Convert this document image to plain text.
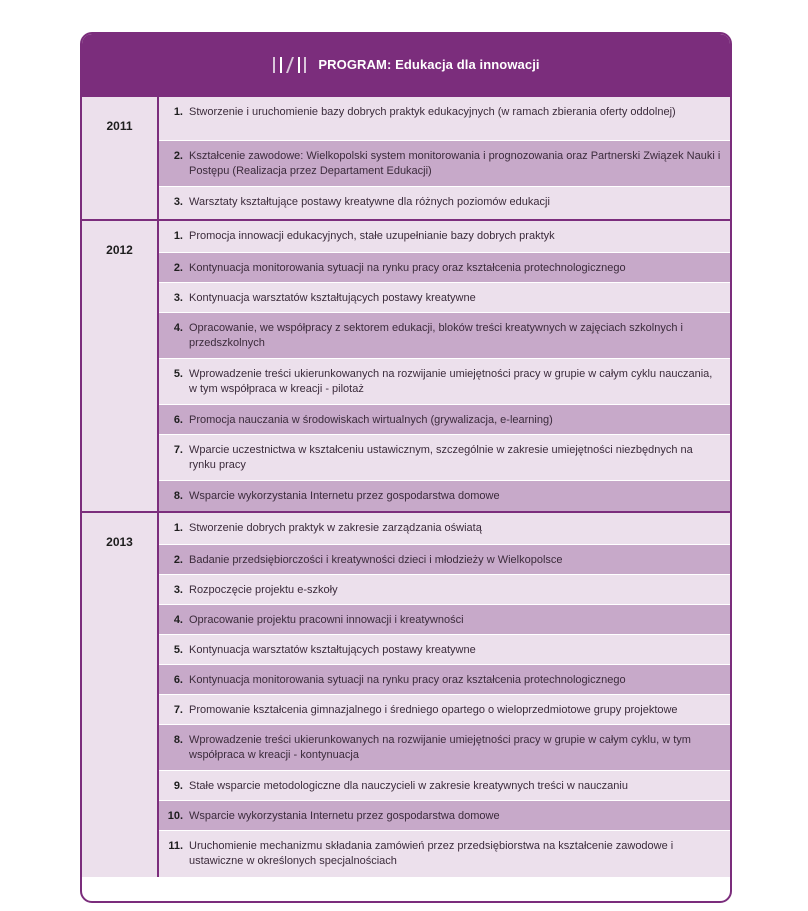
PROGRAM: Edukacja dla innowacji
2011
1. Stworzenie i uruchomienie bazy dobrych praktyk edukacyjnych (w ramach zbierania oferty oddolnej)
2. Kształcenie zawodowe: Wielkopolski system monitorowania i prognozowania oraz Partnerski Związek Nauki i Postępu (Realizacja przez Departament Edukacji)
3. Warsztaty kształtujące postawy kreatywne dla różnych poziomów edukacji
2012
1. Promocja innowacji edukacyjnych, stałe uzupełnianie bazy dobrych praktyk
2. Kontynuacja monitorowania sytuacji na rynku pracy oraz kształcenia protechnologicznego
3. Kontynuacja warsztatów kształtujących postawy kreatywne
4. Opracowanie, we współpracy z sektorem edukacji, bloków treści kreatywnych w zajęciach szkolnych i przedszkolnych
5. Wprowadzenie treści ukierunkowanych na rozwijanie umiejętności pracy w grupie w całym cyklu nauczania, w tym współpraca w kreacji - pilotaż
6. Promocja nauczania w środowiskach wirtualnych (grywalizacja, e-learning)
7. Wparcie uczestnictwa w kształceniu ustawicznym, szczególnie w zakresie umiejętności niezbędnych na rynku pracy
8. Wsparcie wykorzystania Internetu przez gospodarstwa domowe
2013
1. Stworzenie dobrych praktyk w zakresie zarządzania oświatą
2. Badanie przedsiębiorczości i kreatywności dzieci i młodzieży w Wielkopolsce
3. Rozpoczęcie projektu e-szkoły
4. Opracowanie projektu pracowni innowacji i kreatywności
5. Kontynuacja warsztatów kształtujących postawy kreatywne
6. Kontynuacja monitorowania sytuacji na rynku pracy oraz kształcenia protechnologicznego
7. Promowanie kształcenia gimnazjalnego i średniego opartego o wieloprzedmiotowe grupy projektowe
8. Wprowadzenie treści ukierunkowanych na rozwijanie umiejętności pracy w grupie w całym cyklu, w tym współpraca w kreacji - kontynuacja
9. Stałe wsparcie metodologiczne dla nauczycieli w zakresie kreatywnych treści w nauczaniu
10. Wsparcie wykorzystania Internetu przez gospodarstwa domowe
11. Uruchomienie mechanizmu składania zamówień przez przedsiębiorstwa na kształcenie zawodowe i ustawiczne w określonych specjalnościach
